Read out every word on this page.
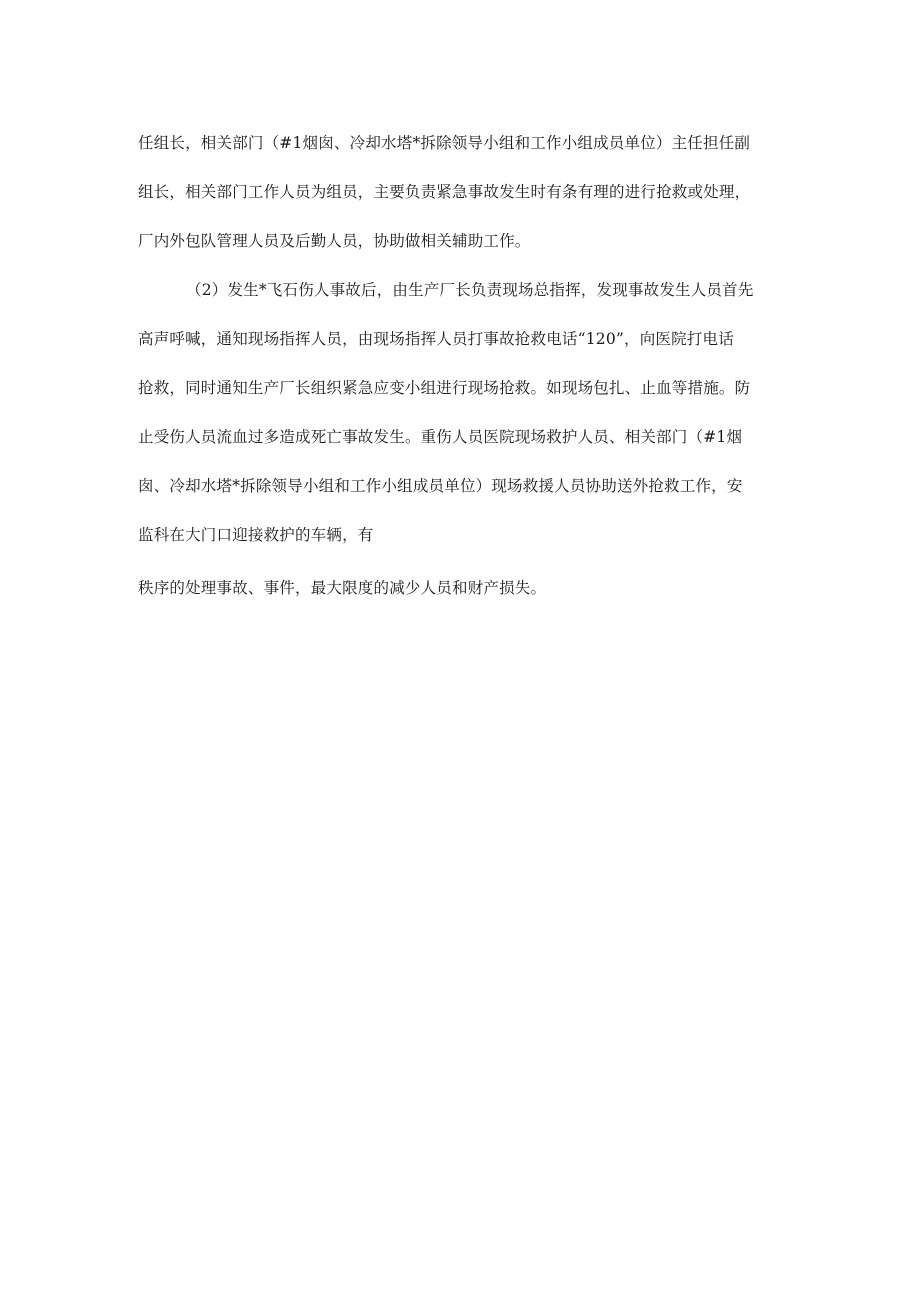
任组长，相关部门（#1烟囱、冷却水塔*拆除领导小组和工作小组成员单位）主任担任副
组长，相关部门工作人员为组员，主要负责紧急事故发生时有条有理的进行抢救或处理，
厂内外包队管理人员及后勤人员，协助做相关辅助工作。
（2）发生*飞石伤人事故后，由生产厂长负责现场总指挥，发现事故发生人员首先
高声呼喊，通知现场指挥人员，由现场指挥人员打事故抢救电话“120”，向医院打电话
抢救，同时通知生产厂长组织紧急应变小组进行现场抢救。如现场包扎、止血等措施。防
止受伤人员流血过多造成死亡事故发生。重伤人员医院现场救护人员、相关部门（#1烟
囱、冷却水塔*拆除领导小组和工作小组成员单位）现场救援人员协助送外抢救工作，安
监科在大门口迎接救护的车辆，有
秩序的处理事故、事件，最大限度的减少人员和财产损失。
